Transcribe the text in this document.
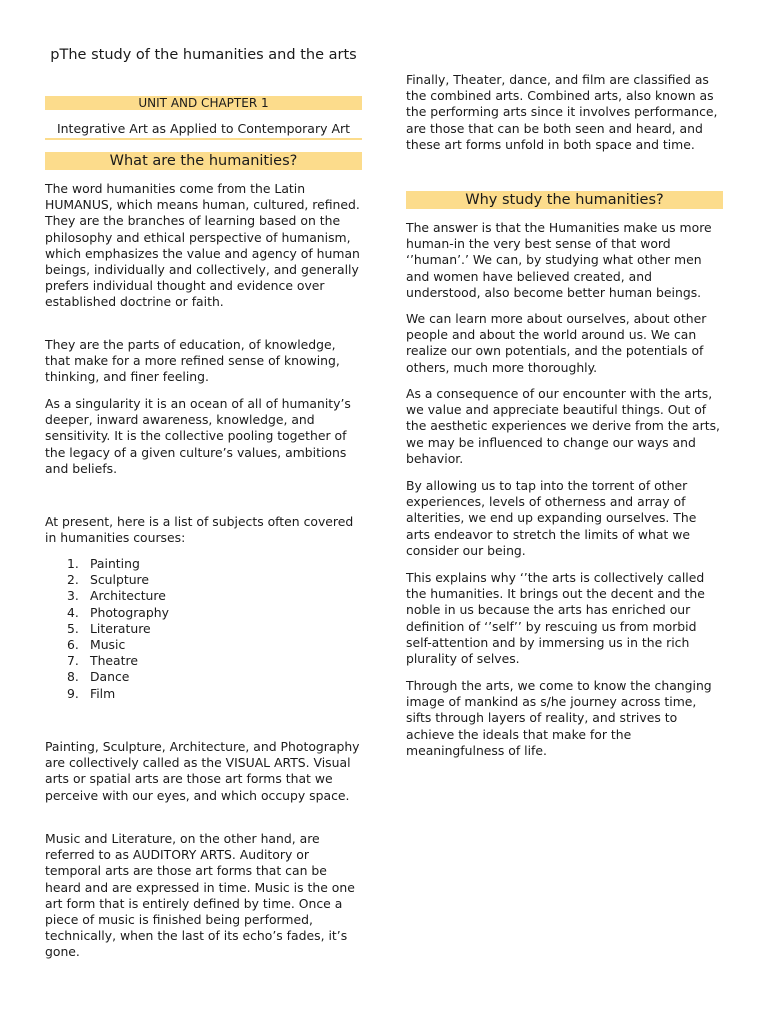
pThe study of the humanities and the arts
UNIT AND CHAPTER 1
Integrative Art as Applied to Contemporary Art
What are the humanities?

The word humanities come from the Latin HUMANUS, which means human, cultured, refined. They are the branches of learning based on the philosophy and ethical perspective of humanism, which emphasizes the value and agency of human beings, individually and collectively, and generally prefers individual thought and evidence over established doctrine or faith.

They are the parts of education, of knowledge, that make for a more refined sense of knowing, thinking, and finer feeling.

As a singularity it is an ocean of all of humanity’s deeper, inward awareness, knowledge, and sensitivity. It is the collective pooling together of the legacy of a given culture’s values, ambitions and beliefs.

At present, here is a list of subjects often covered in humanities courses:

1. Painting
2. Sculpture
3. Architecture
4. Photography
5. Literature
6. Music
7. Theatre
8. Dance
9. Film

Painting, Sculpture, Architecture, and Photography are collectively called as the VISUAL ARTS. Visual arts or spatial arts are those art forms that we perceive with our eyes, and which occupy space.

Music and Literature, on the other hand, are referred to as AUDITORY ARTS. Auditory or temporal arts are those art forms that can be heard and are expressed in time. Music is the one art form that is entirely defined by time. Once a piece of music is finished being performed, technically, when the last of its echo’s fades, it’s gone.

Finally, Theater, dance, and film are classified as the combined arts. Combined arts, also known as the performing arts since it involves performance, are those that can be both seen and heard, and these art forms unfold in both space and time.

Why study the humanities?

The answer is that the Humanities make us more human-in the very best sense of that word ‘’human’.’ We can, by studying what other men and women have believed created, and understood, also become better human beings.

We can learn more about ourselves, about other people and about the world around us. We can realize our own potentials, and the potentials of others, much more thoroughly.

As a consequence of our encounter with the arts, we value and appreciate beautiful things. Out of the aesthetic experiences we derive from the arts, we may be influenced to change our ways and behavior.

By allowing us to tap into the torrent of other experiences, levels of otherness and array of alterities, we end up expanding ourselves. The arts endeavor to stretch the limits of what we consider our being.

This explains why ‘’the arts is collectively called the humanities. It brings out the decent and the noble in us because the arts has enriched our definition of ‘’self’’ by rescuing us from morbid self-attention and by immersing us in the rich plurality of selves.

Through the arts, we come to know the changing image of mankind as s/he journey across time, sifts through layers of reality, and strives to achieve the ideals that make for the meaningfulness of life.
